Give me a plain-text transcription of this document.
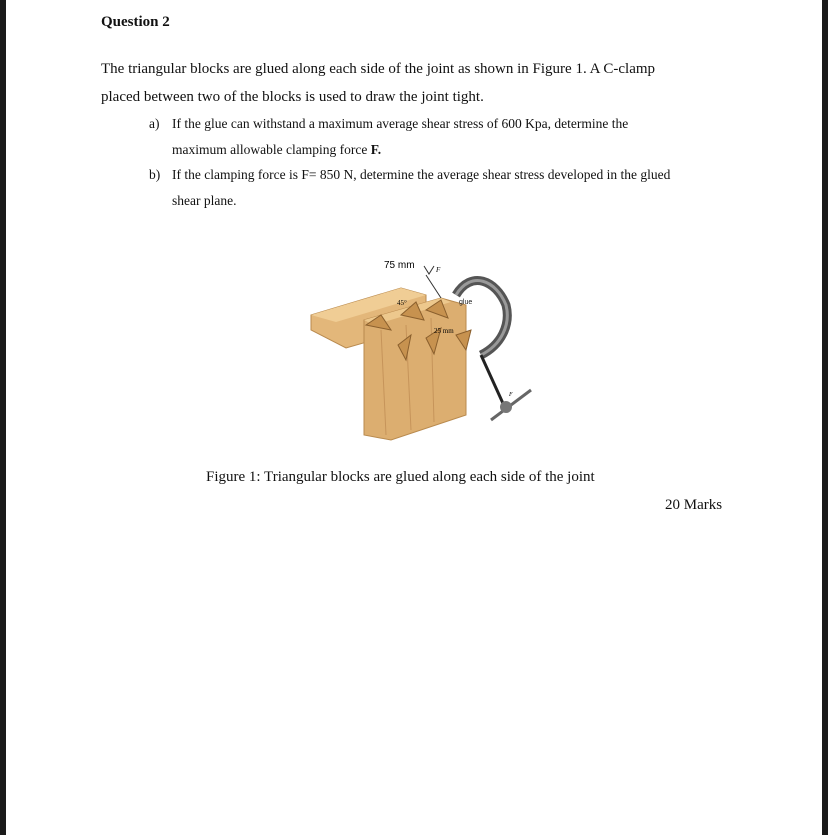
Question 2
The triangular blocks are glued along each side of the joint as shown in Figure 1. A C-clamp
placed between two of the blocks is used to draw the joint tight.
a) If the glue can withstand a maximum average shear stress of 600 Kpa, determine the
maximum allowable clamping force F.
b) If the clamping force is F= 850 N, determine the average shear stress developed in the glued
shear plane.
75 mm	F
45°	glue
25 mm
F
Figure 1: Triangular blocks are glued along each side of the joint
20 Marks
